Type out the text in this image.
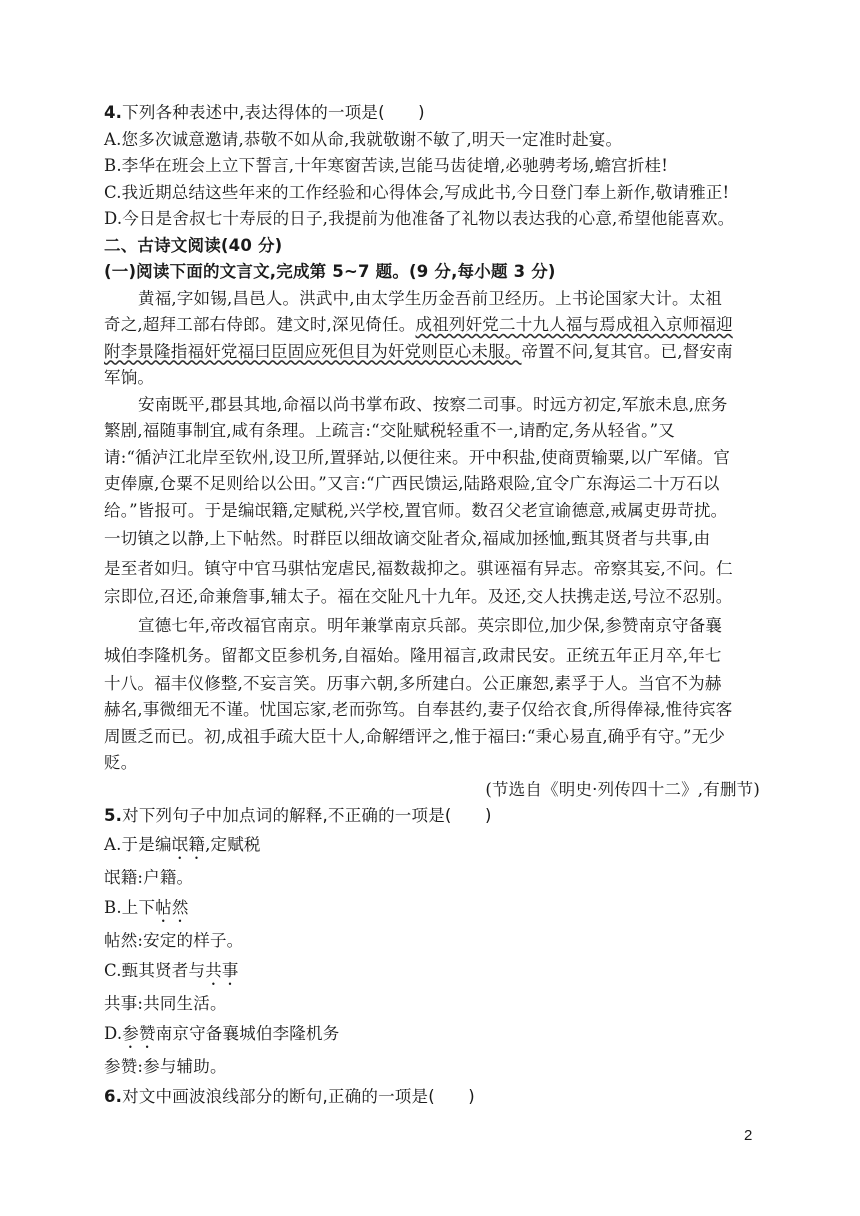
4.下列各种表述中,表达得体的一项是(　　)
A.您多次诚意邀请,恭敬不如从命,我就敬谢不敏了,明天一定准时赴宴。
B.李华在班会上立下誓言,十年寒窗苦读,岂能马齿徒增,必驰骋考场,蟾宫折桂!
C.我近期总结这些年来的工作经验和心得体会,写成此书,今日登门奉上新作,敬请雅正!
D.今日是舍叔七十寿辰的日子,我提前为他准备了礼物以表达我的心意,希望他能喜欢。
二、古诗文阅读(40 分)
(一)阅读下面的文言文,完成第 5~7 题。(9 分,每小题 3 分)
黄福,字如锡,昌邑人。洪武中,由太学生历金吾前卫经历。上书论国家大计。太祖
奇之,超拜工部右侍郎。建文时,深见倚任。成祖列奸党二十九人福与焉成祖入京师福迎
附李景隆指福奸党福曰臣固应死但目为奸党则臣心未服。帝置不问,复其官。已,督安南
军饷。
安南既平,郡县其地,命福以尚书掌布政、按察二司事。时远方初定,军旅未息,庶务
繁剧,福随事制宜,咸有条理。上疏言:“交阯赋税轻重不一,请酌定,务从轻省。”又
请:“循泸江北岸至钦州,设卫所,置驿站,以便往来。开中积盐,使商贾输粟,以广军储。官
吏俸廪,仓粟不足则给以公田。”又言:“广西民馈运,陆路艰险,宜令广东海运二十万石以
给。”皆报可。于是编氓籍,定赋税,兴学校,置官师。数召父老宣谕德意,戒属吏毋苛扰。
一切镇之以静,上下帖然。时群臣以细故谪交阯者众,福咸加拯恤,甄其贤者与共事,由
是至者如归。镇守中官马骐怙宠虐民,福数裁抑之。骐诬福有异志。帝察其妄,不问。仁
宗即位,召还,命兼詹事,辅太子。福在交阯凡十九年。及还,交人扶携走送,号泣不忍别。
宣德七年,帝改福官南京。明年兼掌南京兵部。英宗即位,加少保,参赞南京守备襄
城伯李隆机务。留都文臣参机务,自福始。隆用福言,政肃民安。正统五年正月卒,年七
十八。福丰仪修整,不妄言笑。历事六朝,多所建白。公正廉恕,素孚于人。当官不为赫
赫名,事微细无不谨。忧国忘家,老而弥笃。自奉甚约,妻子仅给衣食,所得俸禄,惟待宾客
周匮乏而已。初,成祖手疏大臣十人,命解缙评之,惟于福曰:“秉心易直,确乎有守。”无少
贬。
(节选自《明史·列传四十二》,有删节)
5.对下列句子中加点词的解释,不正确的一项是(　　)
A.于是编氓籍,定赋税
氓籍:户籍。
B.上下帖然
帖然:安定的样子。
C.甄其贤者与共事
共事:共同生活。
D.参赞南京守备襄城伯李隆机务
参赞:参与辅助。
6.对文中画波浪线部分的断句,正确的一项是(　　)
2
